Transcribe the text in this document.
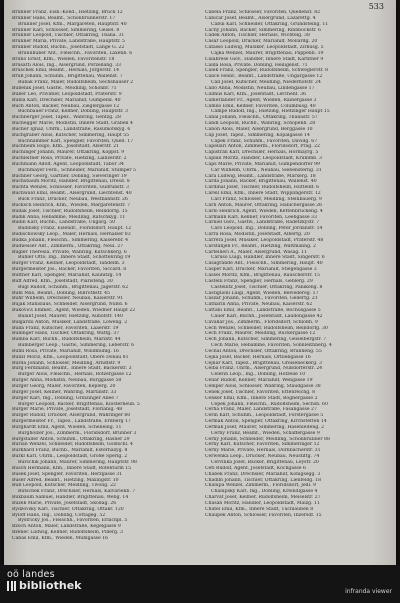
533
Brunner Franz, Eisb.-Kond., Hietzing, Bruck 12
Brunner Hans, Beamt., Schönbrunnerstr. 17
Brunner Josef, Kfm., Margareten, Hauptstr. 40
Brunner Karl, Schlosser, Simmering, Geisel. 8
Brunner Leopold, Tischler, Ottakring, Thalia. 31
Brunner Maria, Private, Landstraße, Hauptstr. 5
Brunner Rudolf, Buchh., Josefstadt, Lange G. 22
Brunnhuber Ant., Fleischh., Favoriten, Laxenb. 6
Bruno Ernst, Kfm., Wieden, Favoritenstr. 18
Brusatti Alois, Ing., Alsergrund, Porzellang. 33
Bruschek Emil, Beamt., Hernals, Jörgerstr. 14
Bruß Johann, Schuhm., Brigittenau, Wallenst. 7
Bubak Franz, Maler, Rudolfsheim, Sechshauser 2
Bubenik Josef, Gastw., Meidling, Schönbr. 71
Buber Leo, Privatier, Leopoldstadt, Praterstr. 9
Bubla Karl, Drechsler, Mariahilf, Gumpend. 40
Buch Anton, Bäcker, Neubau, Zieglergasse 12
Buchbauer Franz, Kellner, Döbling, Hauptstr. 3
Buchberger Josef, Tapez., Währing, Gentzg. 28
Buchegger Marie, Modistin, Innere Stadt, Graben 4
Bucher Ignaz, Uhrm., Landstraße, Rasumofskyg. 6
Buchgraber Alois, Kutscher, Simmering, Haupt 55
Buchhammer Karl, Spengler, Favoriten, Quell. 17
Buchheim Hugo, Kfm., Josefstadt, Alserstr. 21
Buchinger Johann, Maurer, Ottakring, Koppst. 9
Buchleitner Rosa, Private, Hietzing, Lainzerstr. 2
Buchmann Adolf, Agent, Leopoldstadt, Tabor 34
Buchmayer Ferd., Schneider, Mariahilf, Stumper 5
Buchner Georg, Gärtner, Döbling, Sieveringer 19
Buchsbaum Moritz, Händler, Brigittenau, Dresd. 8
Buchta Wenzel, Schlosser, Favoriten, Gudrunstr. 3
Buchwald Emil, Beamt., Alsergrund, Liechtenst. 40
Buck Franz, Drucker, Neubau, Westbahnstr. 26
Bucksch Heinrich, Kfm., Wieden, Margaretenstr. 7
Budak Josef, Tischler, Rudolfsheim, Reindorfg. 15
Budik Anna, Hebamme, Meidling, Ratschkyg. 11
Budin Karl, Buchb., Landstraße, Ungarg. 50
Budinsky Franz, Eisendr., Floridsdorf, Haupt. 12
Budischowsky Leop., Maler, Hernals, Hernalser 83
Budka Johann, Fleischh., Simmering, Kaiserebr. 4
Budweiser Ant., Zimmerm., Ottakring, Neul. 27
Bügler Theresia, Private, Währing, Kutschkerg. 6
Bühler Otto, Ing., Innere Stadt, Schottenring 19
Bürger Franz, Kellner, Leopoldstadt, Tandelm. 3
Bürgermeister Jos., Bäcker, Favoriten, Siccard. 8
Büttner Karl, Spengler, Mariahilf, Kaunitzg. 14
Buff Alfred, Kfm., Josefstadt, Piaristeng. 30
Bugl Rudolf, Schuhm., Brigittenau, Jägerstr. 62
Buhl Max, Beamt., Döbling, Billrothstr. 45
Buhr Wilhelm, Drechsler, Neubau, Kaiserstr. 91
Bujak Stanislaus, Schneider, Alsergrund, Nußd. 6
Bukovics Emmer., Agent, Wieden, Wiedner Haupt 22
Bulant Josef, Maurer, Hietzing, Auhofstr. 140
Bulgarini Anton, Musiker, Landstraße, Löweng. 2
Bulla Franz, Kutscher, Favoriten, Laaerstr. 19
Bullinger Hans, Tischler, Ottakring, Wattg. 37
Bumba Karl, Buchh., Rudolfsheim, Märzstr. 44
Bumberger Leop., Gastw., Simmering, Leberstr. 6
Buml Rosa, Private, Mariahilf, Windmühlg. 16
Bunzl Moriz, Kfm., Leopoldstadt, Obere Donau 81
Burda Johann, Schlosser, Meidling, Arndtstr. 9
Burg Ferdinand, Beamt., Innere Stadt, Bäckerstr. 3
Burger Alois, Fleischh., Hernals, Rötzergasse 12
Burger Anna, Modistin, Neubau, Burggasse 58
Burger Georg, Maler, Favoriten, Keplerg. 20
Burger Josef, Kellner, Währing, Martinstr. 33
Burger Karl, Ing., Döbling, Grinzinger Allee 7
Burger Leopold, Bäcker, Brigittenau, Klosterneub. 5
Burger Marie, Private, Josefstadt, Florianig. 48
Burger Rudolf, Drucker, Alsergrund, Währinger 60
Burgermeister Fr., Tapez., Landstraße, Erdberg 17
Burghardt Emil, Agent, Wieden, Schelleing. 11
Burgholzer Jos., Zimmerm., Floridsdorf, Brünner 3
Burgstaller Anton, Schuhm., Ottakring, Hasner 29
Burian Wenzel, Schneider, Rudolfsheim, Goldschl. 4
Burkhard Franz, Buchb., Mariahilf, Esterhazyg. 8
Burkl Karl, Uhrm., Leopoldstadt, Große Sperlg. 2
Burschik Johann, Maurer, Simmering, Hauptstr. 98
Busch Hermann, Kfm., Innere Stadt, Rotenturm 15
Busek Josef, Spengler, Favoriten, Herzgasse 31
Buser Alfred, Beamt., Hietzing, Maxingstr. 10
Buß Leopold, Kutscher, Meidling, Tivolig. 22
Butschek Franz, Drechsler, Hernals, Kalvarienb. 7
Buxbaum Samuel, Händler, Brigittenau, Webg. 14
Buzek Marie, Private, Josefstadt, Skodag. 26
Bydzovsky Karl, Tischler, Ottakring, Ottakr. 120
Byloff Hans, Ing., Döbling, Cottageg. 52
Bystricky Jos., Fleischh., Favoriten, Erlachpl. 5
Bzoch Anton, Maler, Landstraße, Kegelgasse 9
Bzenec Ludwig, Kellner, Rudolfsheim, Pillerg. 3
Cabas Emil, Kfm., Wieden, Mühlgasse 16
Cabela Franz, Schlosser, Favoriten, Quellenst. 82
Cabicar Josef, Beamt., Alsergrund, Lazarettg. 4
Cabul Karl, Schneider, Ottakring, Grundsteing. 11
Cachy Johann, Bäcker, Simmering, Rinnböckstr. 6
Cadek Anton, Tischler, Hernals, Wichtelg. 38
Cäsar Leopold, Drucker, Mariahilf, Mollardg. 20
Cafasso Ludwig, Musiker, Leopoldstadt, Zirkusg. 5
Cajka Wenzel, Maurer, Brigittenau, Pappenh. 19
Calabrese Giov., Händler, Innere Stadt, Kärntner 9
Calda Rosa, Private, Döbling, Heiligenst. 71
Calek Franz, Spengler, Rudolfsheim, Schweglerstr. 8
Calice Heinr., Beamt., Landstraße, Ungargasse 12
Call Josef, Kutscher, Meidling, Niederhofstr. 24
Callo Anna, Modistin, Neubau, Lindengasse 17
Calmus Karl, Kfm., Josefstadt, Lerchenf. 36
Camerlander Fr., Agent, Wieden, Rainergasse 3
Camilo Emil, Kellner, Favoriten, Columbusg. 40
Campe Rudolf, Ing., Hietzing, Hietzinger Haupt 15
Canal Johann, Fleischh., Ottakring, Thaliastr. 57
Candl Leopold, Buchb., Währing, Schopenh. 28
Canon Alois, Maler, Alsergrund, Berggasse 10
Cap Josef, Tapez., Simmering, Kopalgasse 14
Capek Franz, Schuhm., Favoriten, Davidg. 67
Capellari Anton, Zimmerm., Floridsdorf, Prag. 22
Capistran Karl, Drechsler, Hernals, Hormayrg. 5
Caplan Moritz, Händler, Leopoldstadt, Krummb. 3
Caps Marie, Private, Mariahilf, Gumpendorfer 99
Car Wilhelm, Uhrm., Neubau, Siebensterng. 31
Cara Ludwig, Beamt., Landstraße, Marxerg. 18
Carda Johann, Bäcker, Brigittenau, Wallenst. 40
Cardinal Josef, Tischler, Rudolfsheim, Hütteldf. 6
Carell Emil, Kfm., Innere Stadt, Wipplingerstr. 12
Carl Franz, Schlosser, Meidling, Steinbauerg. 9
Carli Anton, Maurer, Ottakring, Habichergasse 26
Carlo Heinrich, Agent, Wieden, Kettenbrückeng. 4
Carmann Karl, Kellner, Favoriten, Leebgasse 33
Carniel Giov., Gastw., Landstraße, Radetzkystr. 7
Caro Leopold, Ing., Döbling, Peter Jordanstr. 14
Carra Rosa, Modistin, Josefstadt, Albertg. 20
Carrera Josef, Musiker, Leopoldstadt, Praterstr. 48
Carstanjen Fr., Beamt., Hietzing, Wattmanng. 2
Cartellieri A., Maler, Alsergrund, Wasag. 11
Caruso Luigi, Händler, Innere Stadt, Singerstr. 6
Casagrande Ant., Fleischh., Simmering, Haupt. 40
Casper Karl, Drucker, Mariahilf, Stiegengasse 3
Cassel Moritz, Kfm., Brigittenau, Rauscherstr. 15
Castelli Franz, Spengler, Hernals, Geblerg. 29
Castellitz Josef, Tischler, Ottakring, Panikeng. 8
Castiglioni Luigi, Agent, Wieden, Belvedereg. 17
Caszar Johann, Schuhm., Favoriten, Gellertg. 21
Catharin Anna, Private, Neubau, Kaiserstr. 62
Cattani Emil, Beamt., Landstraße, Rochusgasse 5
Cauer Karl, Buchh., Josefstadt, Laudongasse 42
Cavallar Jos., Zimmerm., Floridsdorf, Schloßh. 9
Cech Wenzel, Schneider, Rudolfsheim, Reindorfg. 30
Cech Franz, Maurer, Meidling, Ruckergasse 12
Cech Johann, Kutscher, Simmering, Geiselbergstr. 7
Cech Marie, Hebamme, Favoriten, Sonnleithnerg. 4
Cechal Anton, Drechsler, Ottakring, Brunneng. 55
Cejka Josef, Bäcker, Hernals, Ortliebgasse 16
Cejnar Karl, Tapez., Brigittenau, Greiseneckerg. 3
Celba Franz, Uhrm., Alsergrund, Nußdorferstr. 24
Celerin Leop., Ing., Döbling, Hofzeile 10
Cellar Rudolf, Kellner, Mariahilf, Webgasse 19
Cemper Alois, Schlosser, Währing, Staudgasse 38
Cenek Josef, Tischler, Favoriten, Ettenreichg. 8
Cenker Emil, Kfm., Innere Stadt, Bognergasse 2
Cepek Johann, Fleischh., Rudolfsheim, Sechsh. 60
Cerha Franz, Maler, Landstraße, Fasangasse 27
Cerin Karl, Schuhm., Leopoldstadt, Förstergasse 5
Cermak Anton, Spengler, Ottakring, Kirchstetten 14
Cermak Josef, Maurer, Simmering, Hasenleiteng. 2
Cerny Franz, Beamt., Wieden, Schäffergasse 9
Cerny Johann, Schneider, Meidling, Schönbrunner 88
Cerny Karl, Kutscher, Favoriten, Simmeringer 12
Cerny Marie, Private, Hernals, Dornbacherstr. 31
Cerwenka Leop., Drucker, Neubau, Neustiftg. 74
Cervinka Josef, Bäcker, Brigittenau, Leystr. 20
Cetl Rudolf, Agent, Josefstadt, Kochgasse 6
Chabek Franz, Drechsler, Mariahilf, Königsegg. 3
Chadim Johann, Tischler, Ottakring, Lienfeldg. 18
Chalupa Wenzel, Zimmerm., Floridsdorf, Jedl. 9
Chalupsky Karl, Ing., Döbling, Kreindlgasse 4
Charvat Josef, Kellner, Rudolfsheim, Meiselstr. 27
Chasan Moritz, Händler, Leopoldstadt, Malzg. 11
Chatel Emil, Kfm., Innere Stadt, Tuchlauben 8
Chaupek Anton, Schlosser, Favoriten, Inzersdf. 15
oö landes
bibliothek	infranda viewer
